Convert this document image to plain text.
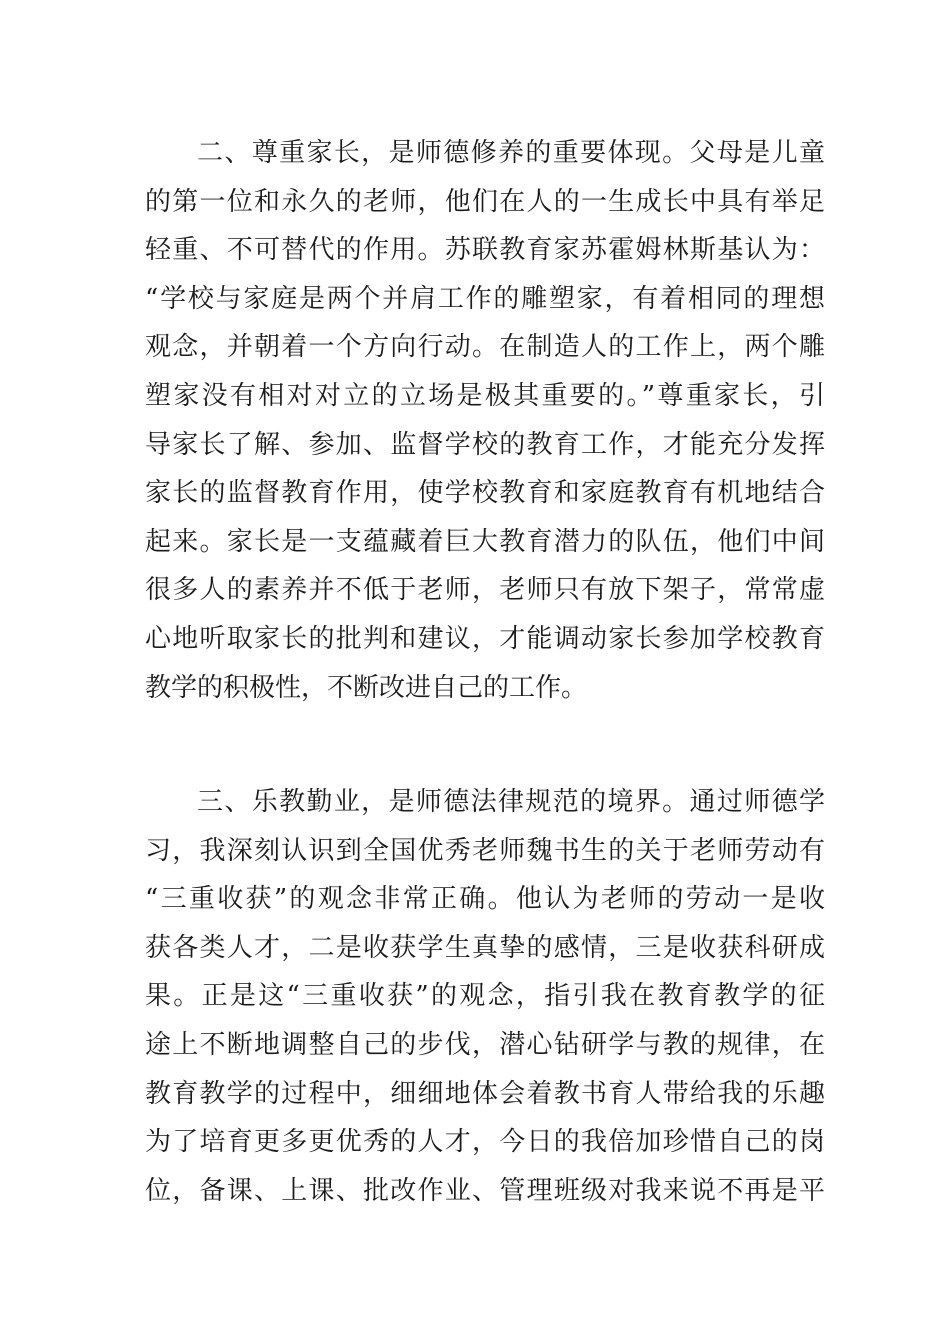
二、尊重家长，是师德修养的重要体现。父母是儿童
的第一位和永久的老师，他们在人的一生成长中具有举足
轻重、不可替代的作用。苏联教育家苏霍姆林斯基认为：
“学校与家庭是两个并肩工作的雕塑家，有着相同的理想
观念，并朝着一个方向行动。在制造人的工作上，两个雕
塑家没有相对对立的立场是极其重要的。”尊重家长，引
导家长了解、参加、监督学校的教育工作，才能充分发挥
家长的监督教育作用，使学校教育和家庭教育有机地结合
起来。家长是一支蕴藏着巨大教育潜力的队伍，他们中间
很多人的素养并不低于老师，老师只有放下架子，常常虚
心地听取家长的批判和建议，才能调动家长参加学校教育
教学的积极性，不断改进自己的工作。
三、乐教勤业，是师德法律规范的境界。通过师德学
习，我深刻认识到全国优秀老师魏书生的关于老师劳动有
“三重收获”的观念非常正确。他认为老师的劳动一是收
获各类人才，二是收获学生真挚的感情，三是收获科研成
果。正是这“三重收获”的观念，指引我在教育教学的征
途上不断地调整自己的步伐，潜心钻研学与教的规律，在
教育教学的过程中，细细地体会着教书育人带给我的乐趣
为了培育更多更优秀的人才，今日的我倍加珍惜自己的岗
位，备课、上课、批改作业、管理班级对我来说不再是平
